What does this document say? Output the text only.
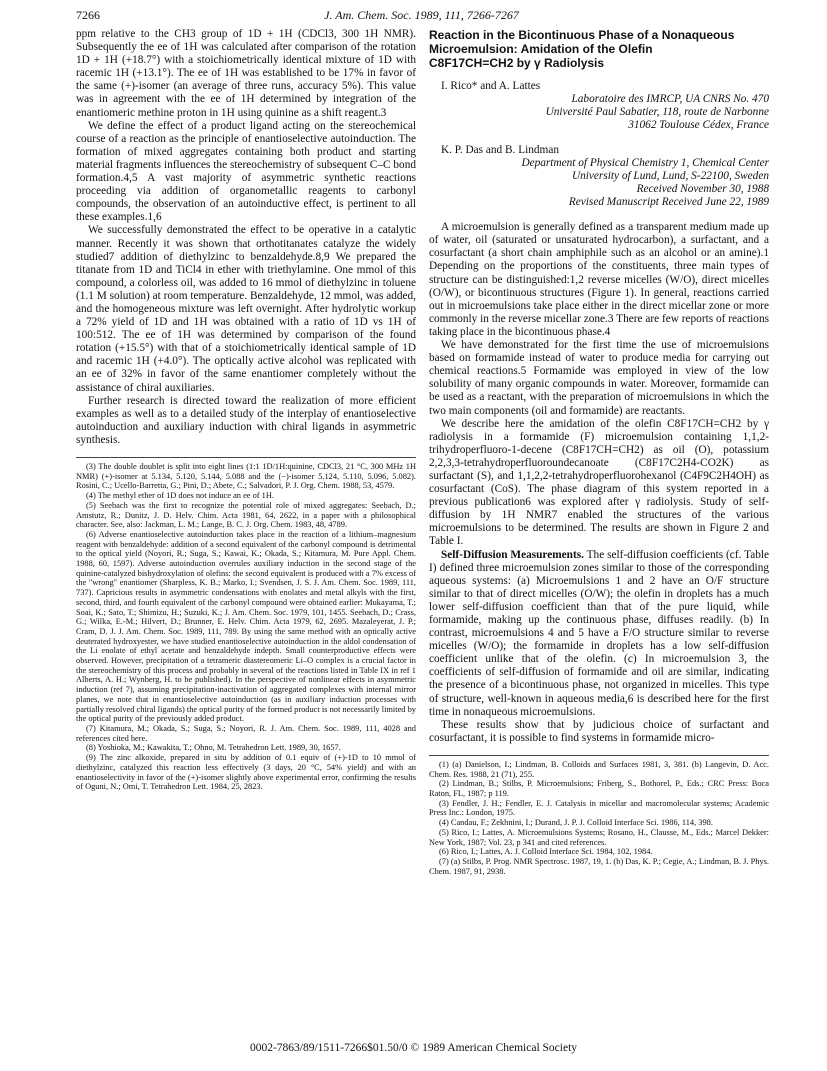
7266	J. Am. Chem. Soc. 1989, 111, 7266-7267

ppm relative to the CH3 group of 1D + 1H (CDCl3, 300 1H NMR). Subsequently the ee of 1H was calculated after comparison of the rotation 1D + 1H (+18.7°) with a stoichiometrically identical mixture of 1D with racemic 1H (+13.1°). The ee of 1H was established to be 17% in favor of the same (+)-isomer (an average of three runs, accuracy 5%). This value was in agreement with the ee of 1H determined by integration of the enantiomeric methine proton in 1H using quinine as a shift reagent.3

We define the effect of a product ligand acting on the stereochemical course of a reaction as the principle of enantioselective autoinduction. The formation of mixed aggregates containing both product and starting material fragments influences the stereochemistry of subsequent C–C bond formation.4,5 A vast majority of asymmetric synthetic reactions proceeding via addition of organometallic reagents to carbonyl compounds, the observation of an autoinductive effect, is pertinent to all these examples.1,6

We successfully demonstrated the effect to be operative in a catalytic manner. Recently it was shown that orthotitanates catalyze the widely studied7 addition of diethylzinc to benzaldehyde.8,9 We prepared the titanate from 1D and TiCl4 in ether with triethylamine. One mmol of this compound, a colorless oil, was added to 16 mmol of diethylzinc in toluene (1.1 M solution) at room temperature. Benzaldehyde, 12 mmol, was added, and the homogeneous mixture was left overnight. After hydrolytic workup a 72% yield of 1D and 1H was obtained with a ratio of 1D vs 1H of 100:512. The ee of 1H was determined by comparison of the found rotation (+15.5°) with that of a stoichiometrically identical sample of 1D and racemic 1H (+4.0°). The optically active alcohol was replicated with an ee of 32% in favor of the same enantiomer completely without the assistance of chiral auxiliaries.

Further research is directed toward the realization of more efficient examples as well as to a detailed study of the interplay of enantioselective autoinduction and auxiliary induction with chiral ligands in asymmetric synthesis.

(3) The double doublet is split into eight lines (1:1 1D/1H:quinine, CDCl3, 21 °C, 300 MHz 1H NMR) (+)-isomer at 5.134, 5.120, 5.144, 5.088 and the (−)-isomer 5.124, 5.110, 5.096, 5.082). Rosini, C.; Ucello-Barretta, G.; Pini, D.; Abete, C.; Salvadori, P. J. Org. Chem. 1988, 53, 4579.

(4) The methyl ether of 1D does not induce an ee of 1H.

(5) Seebach was the first to recognize the potential role of mixed aggregates: Seebach, D.; Amstutz, R.; Dunitz, J. D. Helv. Chim. Acta 1981, 64, 2622, in a paper with a philosophical character. See, also: Jackman, L. M.; Lange, B. C. J. Org. Chem. 1983, 48, 4789.

(6) Adverse enantioselective autoinduction takes place in the reaction of a lithium–magnesium reagent with benzaldehyde: addition of a second equivalent of the carbonyl compound is detrimental to the optical yield (Noyori, R.; Suga, S.; Kawai, K.; Okada, S.; Kitamura, M. Pure Appl. Chem. 1988, 60, 1597). Adverse autoinduction overrules auxiliary induction in the second stage of the quinine-catalyzed bishydroxylation of olefins: the second equivalent is produced with a 7% excess of the "wrong" enantiomer (Sharpless, K. B.; Marko, I.; Svendsen, J. S. J. Am. Chem. Soc. 1989, 111, 737). Capricious results in asymmetric condensations with enolates and metal alkyls with the first, second, third, and fourth equivalent of the carbonyl compound were obtained earlier: Mukayama, T.; Soai, K.; Sato, T.; Shimizu, H.; Suzuki, K.; J. Am. Chem. Soc. 1979, 101, 1455. Seebach, D.; Crass, G.; Wilka, E.-M.; Hilvert, D.; Brunner, E. Helv. Chim. Acta 1979, 62, 2695. Mazaleyerat, J. P.; Cram, D. J. J. Am. Chem. Soc. 1989, 111, 789. By using the same method with an optically active deuterated hydroxyester, we have studied enantioselective autoinduction in the aldol condensation of the Li enolate of ethyl acetate and benzaldehyde indepth. Small counterproductive effects were observed. However, precipitation of a tetrameric diastereomeric Li–O complex is a crucial factor in the stereochemistry of this process and probably in several of the reactions listed in Table IX in ref 1 Alberts, A. H.; Wynberg, H. to be published). In the perspective of nonlinear effects in asymmetric induction (ref 7), assuming precipitation-inactivation of aggregated complexes with internal mirror planes, we note that in enantioselective autoinduction (as in auxiliary induction processes with partially resolved chiral ligands) the optical purity of the formed product is not necessarily limited by the optical purity of the previously added product.

(7) Kitamura, M.; Okada, S.; Suga, S.; Noyori, R. J. Am. Chem. Soc. 1989, 111, 4028 and references cited here.

(8) Yoshioka, M.; Kawakita, T.; Ohno, M. Tetrahedron Lett. 1989, 30, 1657.

(9) The zinc alkoxide, prepared in situ by addition of 0.1 equiv of (+)-1D to 10 mmol of diethylzinc, catalyzed this reaction less effectively (3 days, 20 °C, 54% yield) and with an enantioselectivity in favor of the (+)-isomer slightly above experimental error, confirming the results of Oguni, N.; Omi, T. Tetrahedron Lett. 1984, 25, 2823.

Reaction in the Bicontinuous Phase of a Nonaqueous
Microemulsion: Amidation of the Olefin
C8F17CH=CH2 by γ Radiolysis

I. Rico* and A. Lattes

Laboratoire des IMRCP, UA CNRS No. 470
Université Paul Sabatier, 118, route de Narbonne
31062 Toulouse Cédex, France

K. P. Das and B. Lindman

Department of Physical Chemistry 1, Chemical Center
University of Lund, Lund, S-22100, Sweden
Received November 30, 1988
Revised Manuscript Received June 22, 1989

A microemulsion is generally defined as a transparent medium made up of water, oil (saturated or unsaturated hydrocarbon), a surfactant, and a cosurfactant (a short chain amphiphile such as an alcohol or an amine).1 Depending on the proportions of the constituents, three main types of structure can be distinguished:1,2 reverse micelles (W/O), direct micelles (O/W), or bicontinuous structures (Figure 1). In general, reactions carried out in microemulsions take place either in the direct micellar zone or more commonly in the reverse micellar zone.3 There are few reports of reactions taking place in the bicontinuous phase.4

We have demonstrated for the first time the use of microemulsions based on formamide instead of water to produce media for carrying out chemical reactions.5 Formamide was employed in view of the low solubility of many organic compounds in water. Moreover, formamide can be used as a reactant, with the preparation of microemulsions in which the two main components (oil and formamide) are reactants.

We describe here the amidation of the olefin C8F17CH=CH2 by γ radiolysis in a formamide (F) microemulsion containing 1,1,2-trihydroperfluoro-1-decene (C8F17CH=CH2) as oil (O), potassium 2,2,3,3-tetrahydroperfluoroundecanoate (C8F17C2H4-CO2K) as surfactant (S), and 1,1,2,2-tetrahydroperfluorohexanol (C4F9C2H4OH) as cosurfactant (CoS). The phase diagram of this system reported in a previous publication6 was explored after γ radiolysis. Study of self-diffusion by 1H NMR7 enabled the structures of the various microemulsions to be determined. The results are shown in Figure 2 and Table I.

Self-Diffusion Measurements. The self-diffusion coefficients (cf. Table I) defined three microemulsion zones similar to those of the corresponding aqueous systems: (a) Microemulsions 1 and 2 have an O/F structure similar to that of direct micelles (O/W); the olefin in droplets has a much lower self-diffusion coefficient than that of the pure liquid, while formamide, making up the continuous phase, diffuses readily. (b) In contrast, microemulsions 4 and 5 have a F/O structure similar to reverse micelles (W/O); the formamide in droplets has a low self-diffusion coefficient unlike that of the olefin. (c) In microemulsion 3, the coefficients of self-diffusion of formamide and oil are similar, indicating the presence of a bicontinuous phase, not organized in micelles. This type of structure, well-known in aqueous media,6 is described here for the first time in nonaqueous microemulsions.

These results show that by judicious choice of surfactant and cosurfactant, it is possible to find systems in formamide micro-

(1) (a) Danielson, I.; Lindman, B. Colloids and Surfaces 1981, 3, 381. (b) Langevin, D. Acc. Chem. Res. 1988, 21 (71), 255.

(2) Lindman, B.; Stilbs, P. Microemulsions; Friberg, S., Bothorel, P., Eds.; CRC Press: Boca Raton, FL, 1987; p 119.

(3) Fendler, J. H.; Fendler, E. J. Catalysis in micellar and macromolecular systems; Academic Press Inc.: London, 1975.

(4) Candau, F.; Zekhnini, I.; Durand, J. P. J. Colloid Interface Sci. 1986, 114, 398.

(5) Rico, I.; Lattes, A. Microemulsions Systems; Rosano, H., Clausse, M., Eds.; Marcel Dekker: New York, 1987; Vol. 23, p 341 and cited references.

(6) Rico, I.; Lattes, A. J. Colloid Interface Sci. 1984, 102, 1984.

(7) (a) Stilbs, P. Prog. NMR Spectrosc. 1987, 19, 1. (b) Das, K. P.; Cegie, A.; Lindman, B. J. Phys. Chem. 1987, 91, 2938.

0002-7863/89/1511-7266$01.50/0 © 1989 American Chemical Society
